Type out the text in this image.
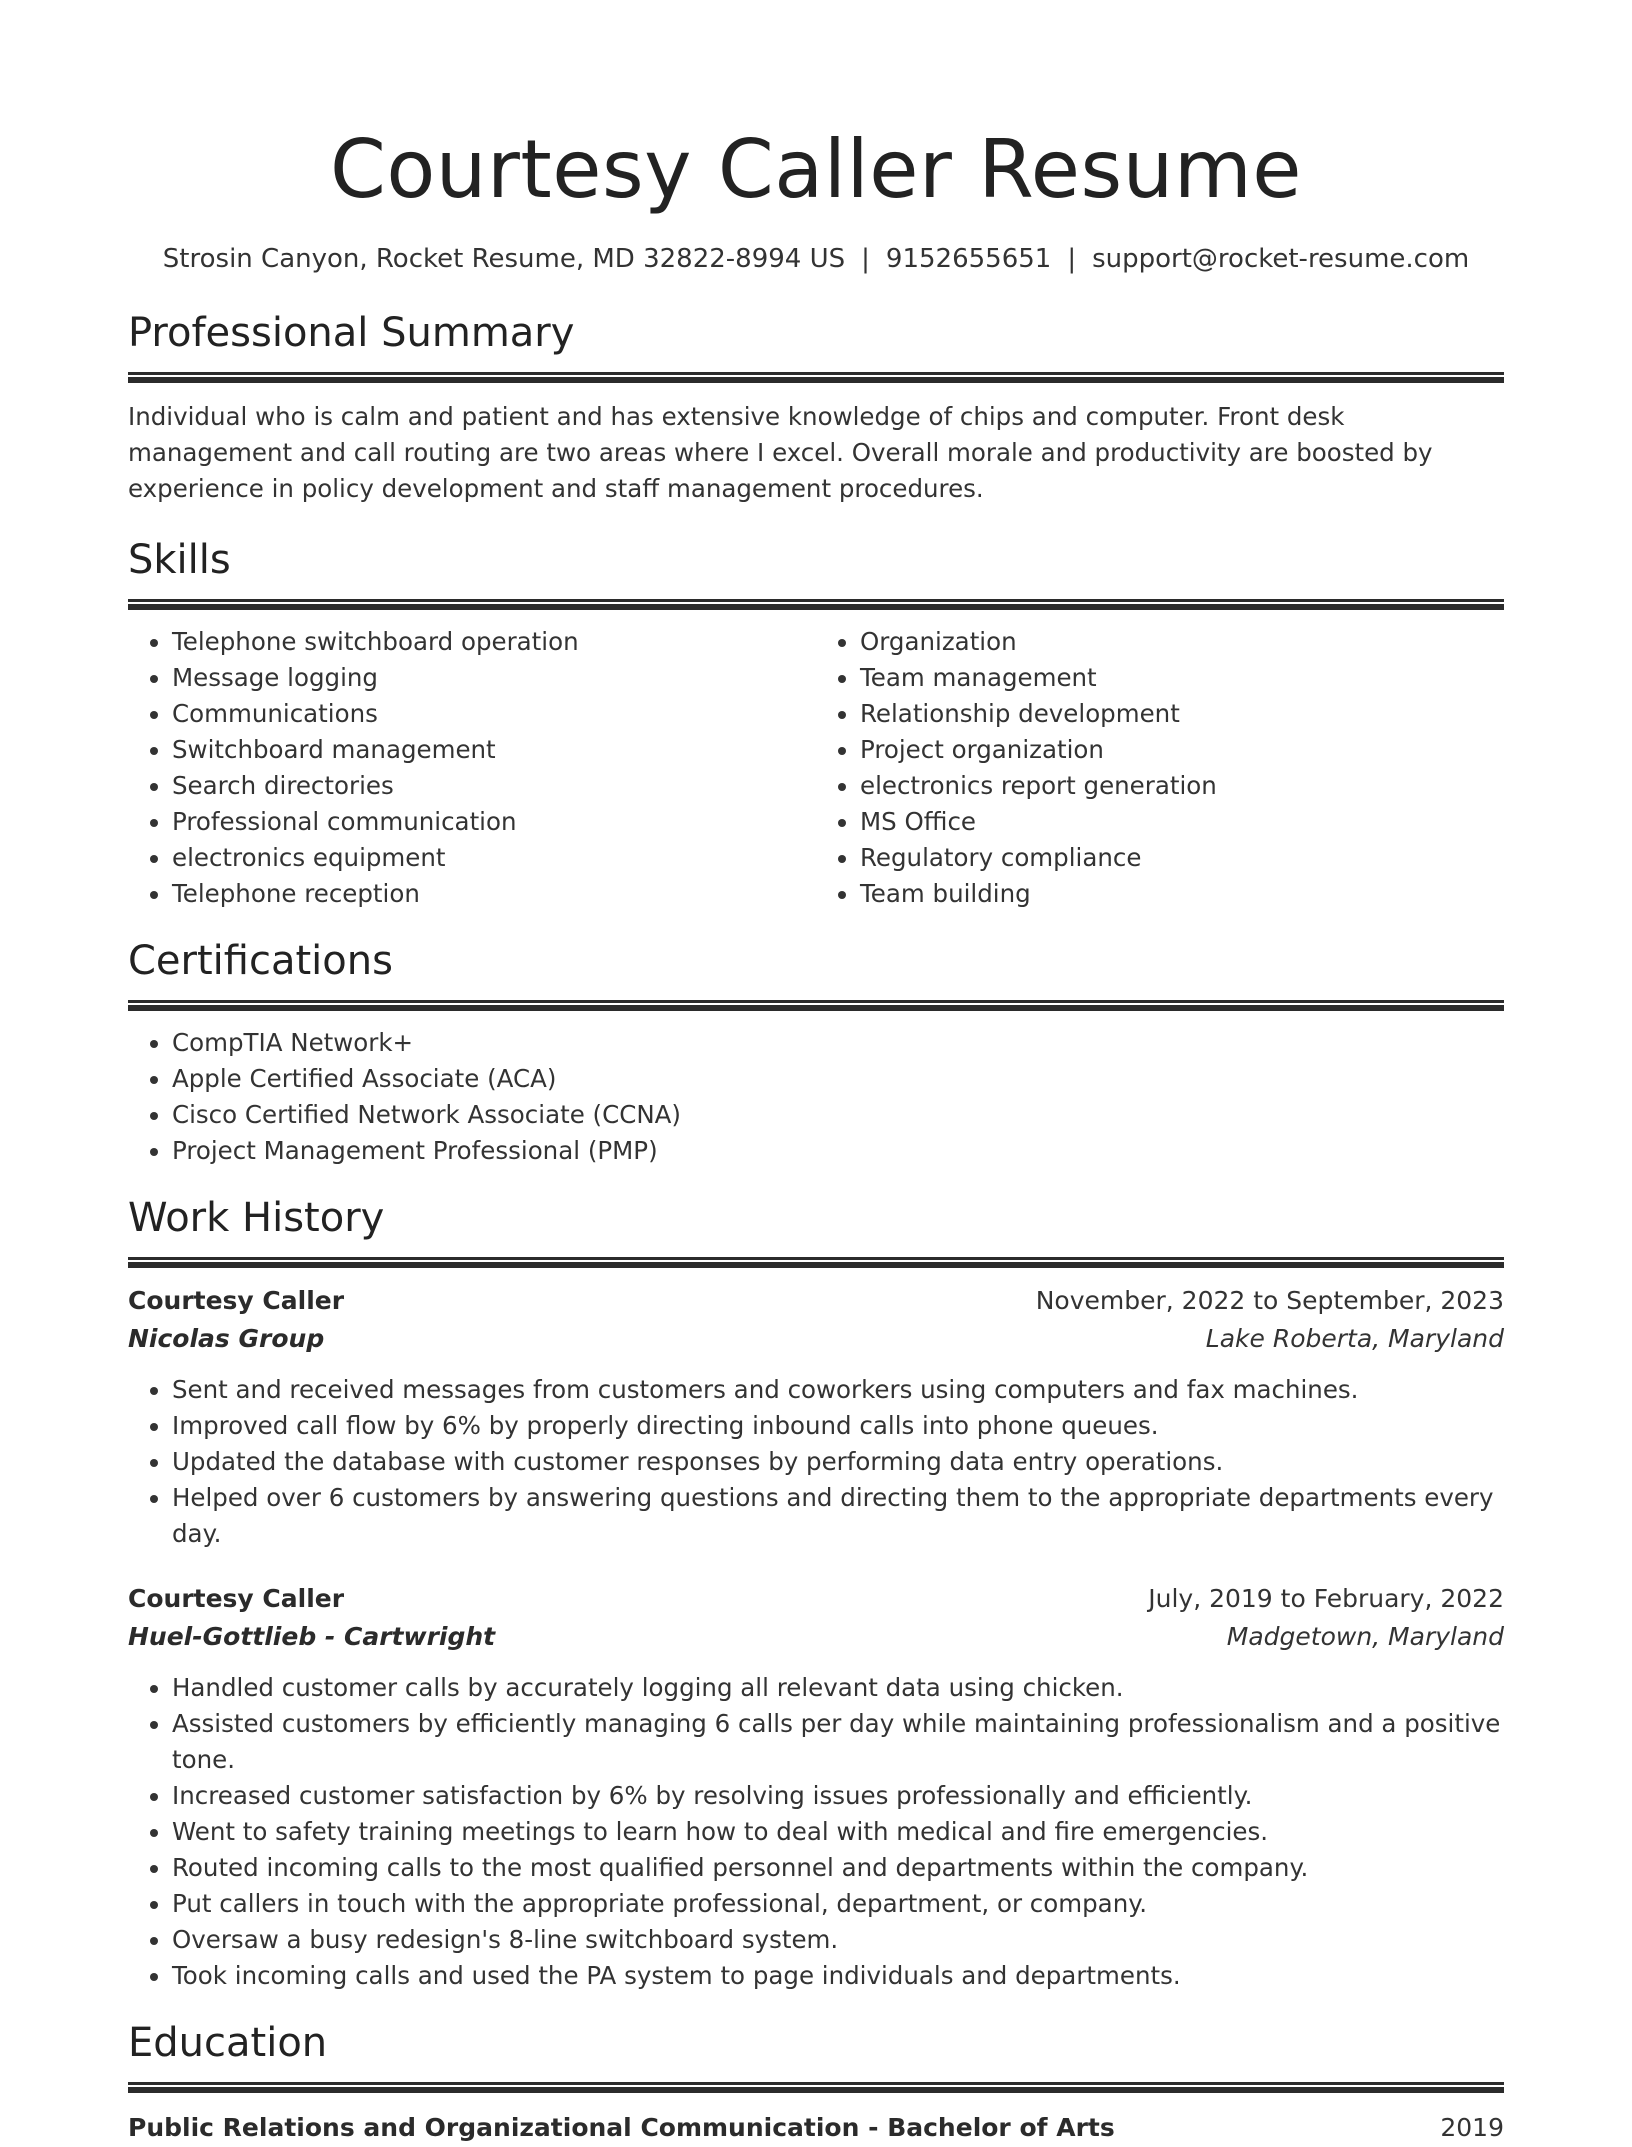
Courtesy Caller Resume
Strosin Canyon, Rocket Resume, MD 32822-8994 US | 9152655651 | support@rocket-resume.com
Professional Summary
Individual who is calm and patient and has extensive knowledge of chips and computer. Front desk management and call routing are two areas where I excel. Overall morale and productivity are boosted by experience in policy development and staff management procedures.
Skills
• Telephone switchboard operation
• Message logging
• Communications
• Switchboard management
• Search directories
• Professional communication
• electronics equipment
• Telephone reception
• Organization
• Team management
• Relationship development
• Project organization
• electronics report generation
• MS Office
• Regulatory compliance
• Team building
Certifications
• CompTIA Network+
• Apple Certified Associate (ACA)
• Cisco Certified Network Associate (CCNA)
• Project Management Professional (PMP)
Work History
Courtesy Caller	November, 2022 to September, 2023
Nicolas Group	Lake Roberta, Maryland
• Sent and received messages from customers and coworkers using computers and fax machines.
• Improved call flow by 6% by properly directing inbound calls into phone queues.
• Updated the database with customer responses by performing data entry operations.
• Helped over 6 customers by answering questions and directing them to the appropriate departments every day.
Courtesy Caller	July, 2019 to February, 2022
Huel-Gottlieb - Cartwright	Madgetown, Maryland
• Handled customer calls by accurately logging all relevant data using chicken.
• Assisted customers by efficiently managing 6 calls per day while maintaining professionalism and a positive tone.
• Increased customer satisfaction by 6% by resolving issues professionally and efficiently.
• Went to safety training meetings to learn how to deal with medical and fire emergencies.
• Routed incoming calls to the most qualified personnel and departments within the company.
• Put callers in touch with the appropriate professional, department, or company.
• Oversaw a busy redesign's 8-line switchboard system.
• Took incoming calls and used the PA system to page individuals and departments.
Education
Public Relations and Organizational Communication - Bachelor of Arts	2019
